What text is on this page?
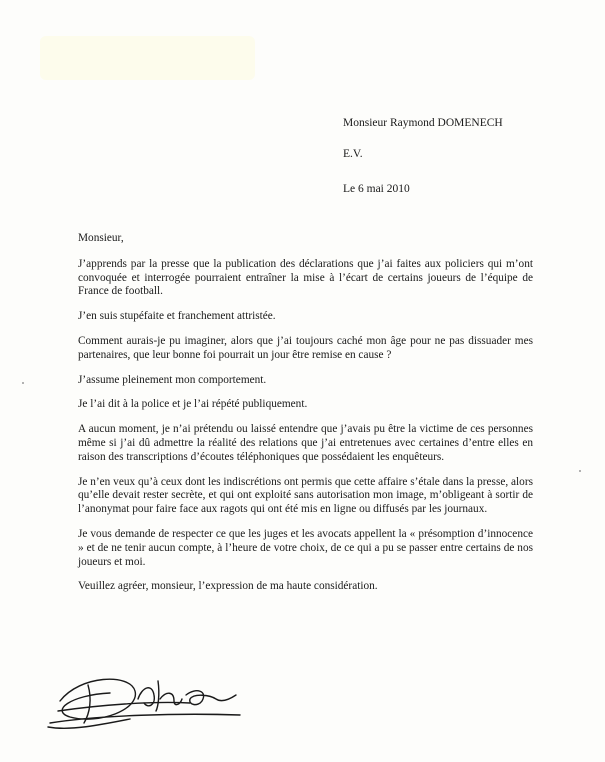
Monsieur Raymond DOMENECH
E.V.
Le 6 mai 2010

Monsieur,

J’apprends par la presse que la publication des déclarations que j’ai faites aux policiers qui m’ont convoquée et interrogée pourraient entraîner la mise à l’écart de certains joueurs de l’équipe de France de football.

J’en suis stupéfaite et franchement attristée.

Comment aurais-je pu imaginer, alors que j’ai toujours caché mon âge pour ne pas dissuader mes partenaires, que leur bonne foi pourrait un jour être remise en cause ?

J’assume pleinement mon comportement.

Je l’ai dit à la police et je l’ai répété publiquement.

A aucun moment, je n’ai prétendu ou laissé entendre que j’avais pu être la victime de ces personnes même si j’ai dû admettre la réalité des relations que j’ai entretenues avec certaines d’entre elles en raison des transcriptions d’écoutes téléphoniques que possédaient les enquêteurs.

Je n’en veux qu’à ceux dont les indiscrétions ont permis que cette affaire s’étale dans la presse, alors qu’elle devait rester secrète, et qui ont exploité sans autorisation mon image, m’obligeant à sortir de l’anonymat pour faire face aux ragots qui ont été mis en ligne ou diffusés par les journaux.

Je vous demande de respecter ce que les juges et les avocats appellent la « présomption d’innocence » et de ne tenir aucun compte, à l’heure de votre choix, de ce qui a pu se passer entre certains de nos joueurs et moi.

Veuillez agréer, monsieur, l’expression de ma haute considération.
